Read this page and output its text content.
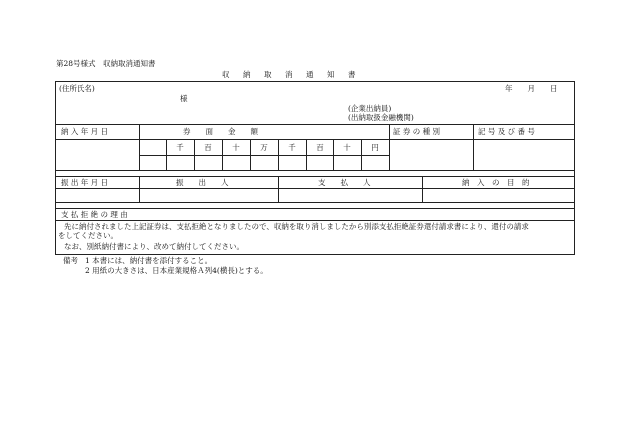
第28号様式　収納取消通知書
収　納　取　消　通　知　書
(住所氏名)	年　　月　　日
様
(企業出納員)
(出納取扱金融機関)
納 入 年 月 日	券　　面　　金　　額	証 券 の 種 別	記 号 及 び 番 号
千	百	十	万	千	百	十	円
振 出 年 月 日	振　　出　　人	支　　払　　人	納　入　の　目　的
支 払 拒 絶 の 理 由
先に納付されました上記証券は、支払拒絶となりましたので、収納を取り消しましたから別添支払拒絶証券還付請求書により、還付の請求
をしてください。
なお、別紙納付書により、改めて納付してください。
備考 1 本書には、納付書を添付すること。
2 用紙の大きさは、日本産業規格Ａ列4(横長)とする。
